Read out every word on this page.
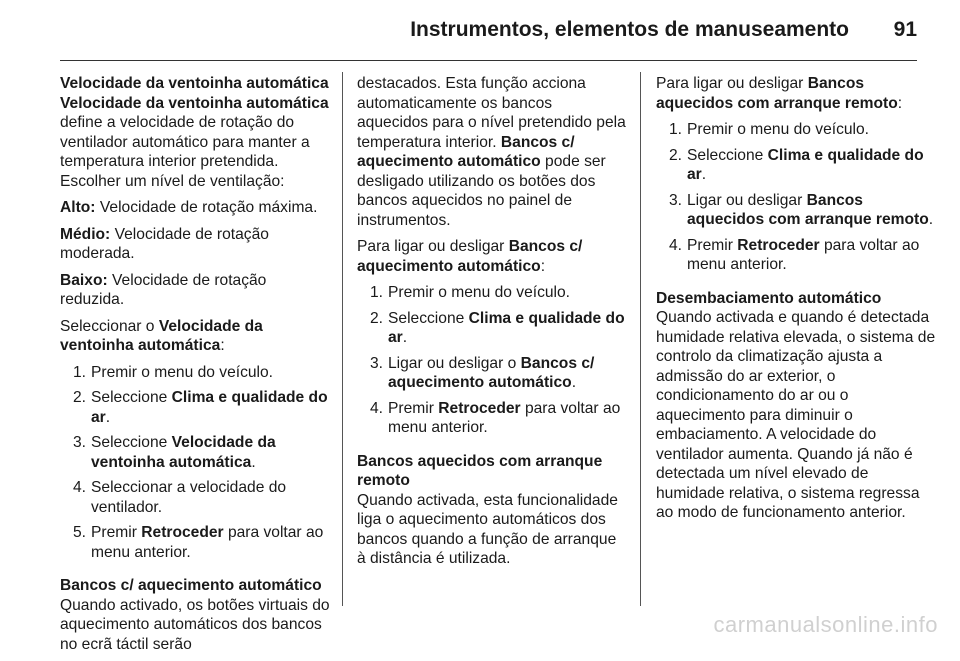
Instrumentos, elementos de manuseamento 91

Velocidade da ventoinha automática

Velocidade da ventoinha automática define a velocidade de rotação do ventilador automático para manter a temperatura interior pretendida. Escolher um nível de ventilação:

Alto: Velocidade de rotação máxima.

Médio: Velocidade de rotação moderada.

Baixo: Velocidade de rotação reduzida.

Seleccionar o Velocidade da ventoinha automática:

1. Premir o menu do veículo.
2. Seleccione Clima e qualidade do ar.
3. Seleccione Velocidade da ventoinha automática.
4. Seleccionar a velocidade do ventilador.
5. Premir Retroceder para voltar ao menu anterior.

Bancos c/ aquecimento automático

Quando activado, os botões virtuais do aquecimento automáticos dos bancos no ecrã táctil serão

destacados. Esta função acciona automaticamente os bancos aquecidos para o nível pretendido pela temperatura interior. Bancos c/ aquecimento automático pode ser desligado utilizando os botões dos bancos aquecidos no painel de instrumentos.

Para ligar ou desligar Bancos c/ aquecimento automático:

1. Premir o menu do veículo.
2. Seleccione Clima e qualidade do ar.
3. Ligar ou desligar o Bancos c/ aquecimento automático.
4. Premir Retroceder para voltar ao menu anterior.

Bancos aquecidos com arranque remoto

Quando activada, esta funcionalidade liga o aquecimento automáticos dos bancos quando a função de arranque à distância é utilizada.

Para ligar ou desligar Bancos aquecidos com arranque remoto:

1. Premir o menu do veículo.
2. Seleccione Clima e qualidade do ar.
3. Ligar ou desligar Bancos aquecidos com arranque remoto.
4. Premir Retroceder para voltar ao menu anterior.

Desembaciamento automático

Quando activada e quando é detectada humidade relativa elevada, o sistema de controlo da climatização ajusta a admissão do ar exterior, o condicionamento do ar ou o aquecimento para diminuir o embaciamento. A velocidade do ventilador aumenta. Quando já não é detectada um nível elevado de humidade relativa, o sistema regressa ao modo de funcionamento anterior.

carmanualsonline.info
